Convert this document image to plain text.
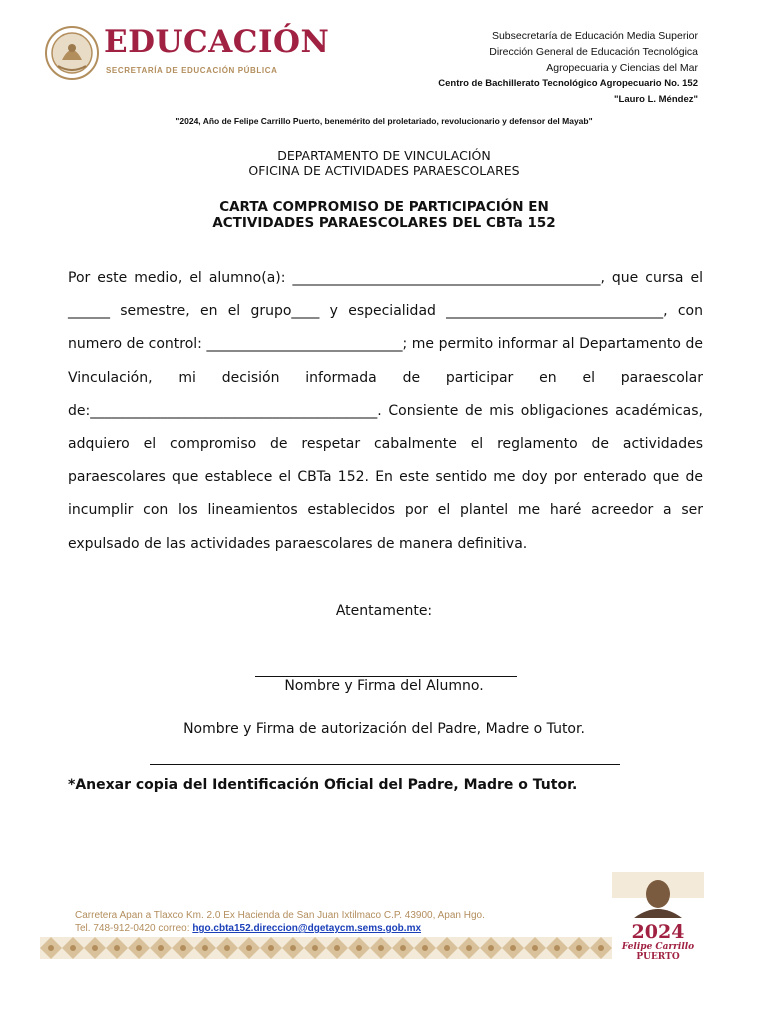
EDUCACIÓN
SECRETARÍA DE EDUCACIÓN PÚBLICA
Subsecretaría de Educación Media Superior
Dirección General de Educación Tecnológica
Agropecuaria y Ciencias del Mar
Centro de Bachillerato Tecnológico Agropecuario No. 152
"Lauro L. Méndez"
"2024, Año de Felipe Carrillo Puerto, benemérito del proletariado, revolucionario y defensor del Mayab"
DEPARTAMENTO DE VINCULACIÓN
OFICINA DE ACTIVIDADES PARAESCOLARES
CARTA COMPROMISO DE PARTICIPACIÓN EN
ACTIVIDADES PARAESCOLARES DEL CBTa 152
Por este medio, el alumno(a): ____________________________________________, que cursa el ______ semestre, en el grupo____ y especialidad _______________________________, con numero de control: ____________________________; me permito informar al Departamento de Vinculación, mi decisión informada de participar en el paraescolar de:_________________________________________. Consiente de mis obligaciones académicas, adquiero el compromiso de respetar cabalmente el reglamento de actividades paraescolares que establece el CBTa 152. En este sentido me doy por enterado que de incumplir con los lineamientos establecidos por el plantel me haré acreedor a ser expulsado de las actividades paraescolares de manera definitiva.
Atentamente:
Nombre y Firma del Alumno.
Nombre y Firma de autorización del Padre, Madre o Tutor.
*Anexar copia del Identificación Oficial del Padre, Madre o Tutor.
Carretera Apan a Tlaxco Km. 2.0 Ex Hacienda de San Juan Ixtilmaco C.P. 43900, Apan Hgo.
Tel. 748-912-0420 correo: hgo.cbta152.direccion@dgetaycm.sems.gob.mx	2024
Felipe Carrillo
PUERTO
